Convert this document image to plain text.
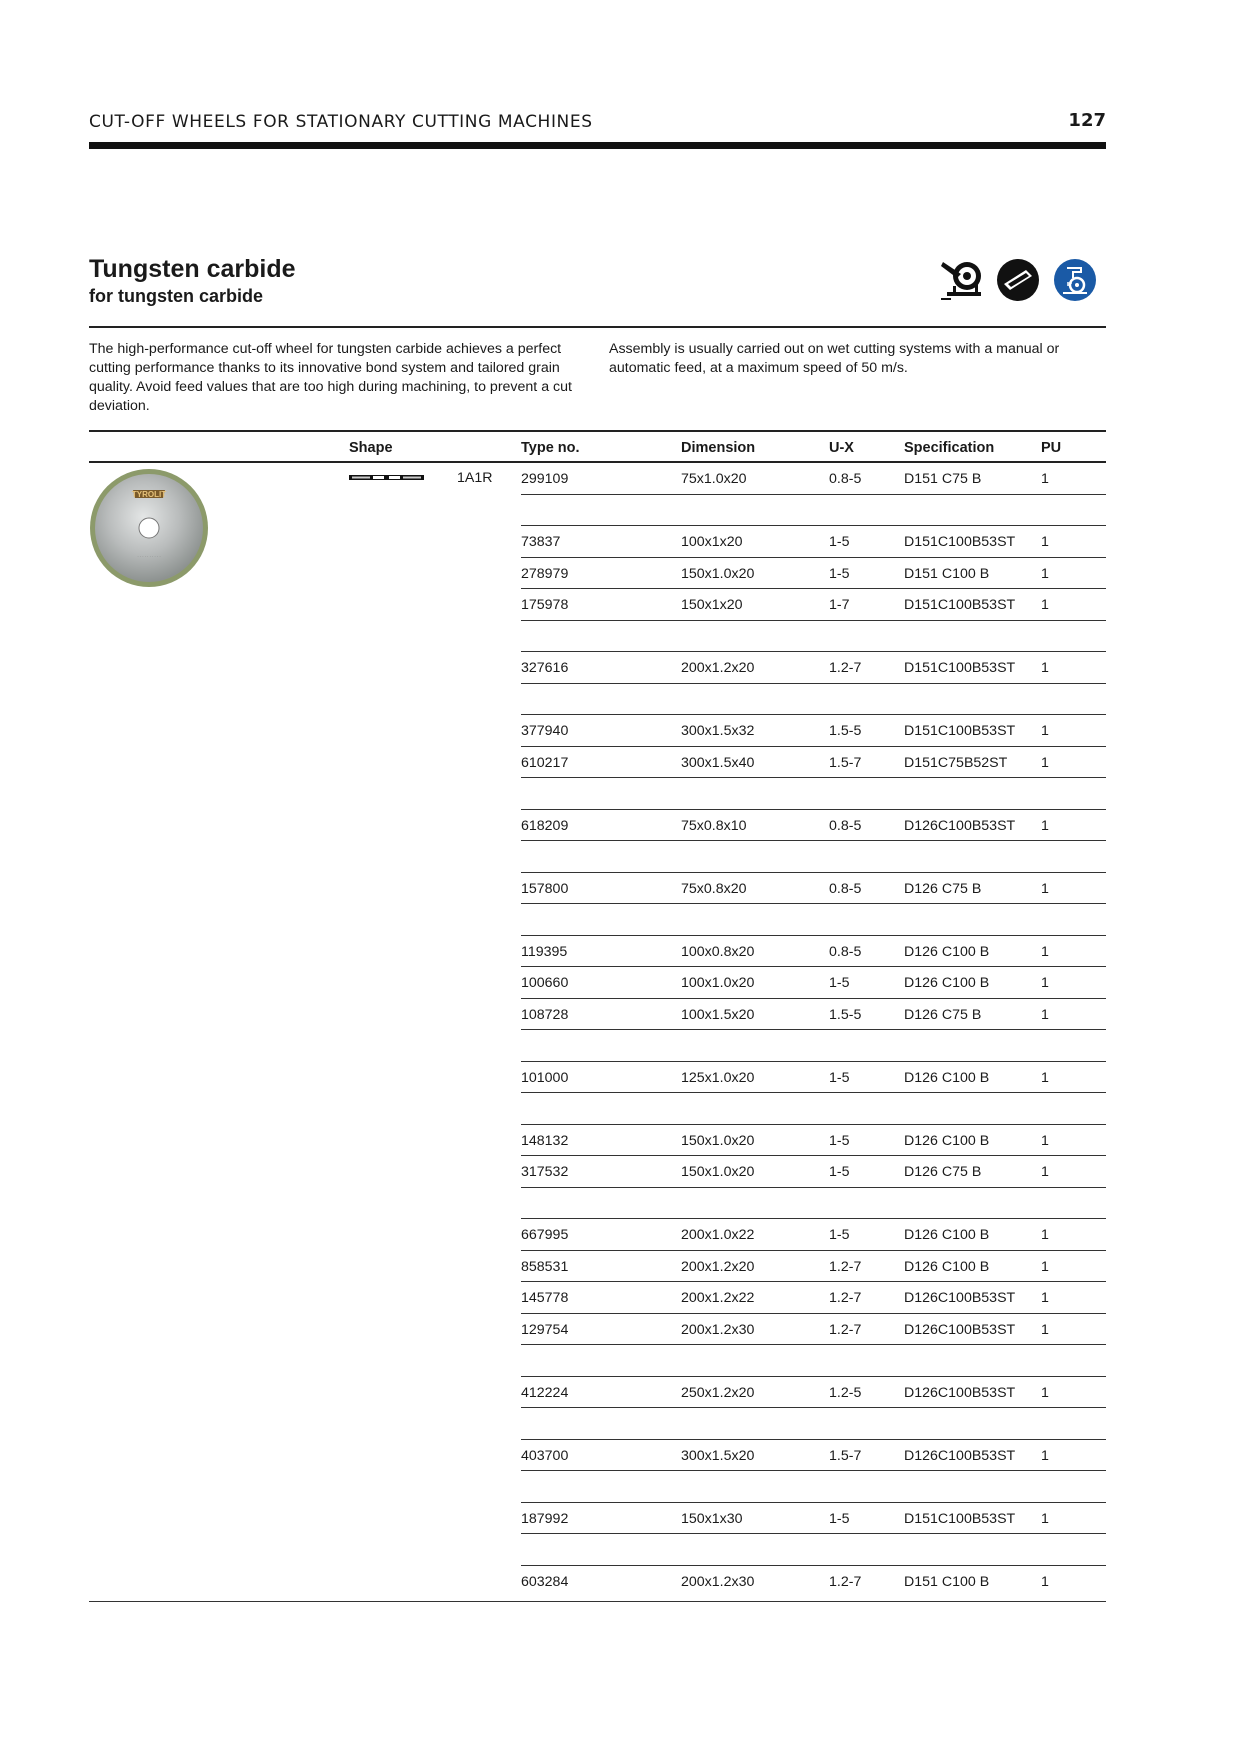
CUT-OFF WHEELS FOR STATIONARY CUTTING MACHINES	127
Tungsten carbide
for tungsten carbide

The high-performance cut-off wheel for tungsten carbide achieves a perfect cutting performance thanks to its innovative bond system and tailored grain quality. Avoid feed values that are too high during machining, to prevent a cut deviation.

Assembly is usually carried out on wet cutting systems with a manual or automatic feed, at a maximum speed of 50 m/s.

Shape	Type no.	Dimension	U-X	Specification	PU
TYROLIT
· · · · · · · · · ·
1A1R 299109	75x1.0x20	0.8-5	D151 C75 B	1
73837	100x1x20	1-5	D151C100B53ST 1
278979	150x1.0x20	1-5	D151 C100 B	1
175978	150x1x20	1-7	D151C100B53ST 1
327616	200x1.2x20	1.2-7	D151C100B53ST 1
377940	300x1.5x32	1.5-5	D151C100B53ST 1
610217	300x1.5x40	1.5-7	D151C75B52ST 1
618209	75x0.8x10	0.8-5	D126C100B53ST 1
157800	75x0.8x20	0.8-5	D126 C75 B	1
119395	100x0.8x20	0.8-5	D126 C100 B	1
100660	100x1.0x20	1-5	D126 C100 B	1
108728	100x1.5x20	1.5-5	D126 C75 B	1
101000	125x1.0x20	1-5	D126 C100 B	1
148132	150x1.0x20	1-5	D126 C100 B	1
317532	150x1.0x20	1-5	D126 C75 B	1
667995	200x1.0x22	1-5	D126 C100 B	1
858531	200x1.2x20	1.2-7	D126 C100 B	1
145778	200x1.2x22	1.2-7	D126C100B53ST 1
129754	200x1.2x30	1.2-7	D126C100B53ST 1
412224	250x1.2x20	1.2-5	D126C100B53ST 1
403700	300x1.5x20	1.5-7	D126C100B53ST 1
187992	150x1x30	1-5	D151C100B53ST 1
603284	200x1.2x30	1.2-7	D151 C100 B	1
